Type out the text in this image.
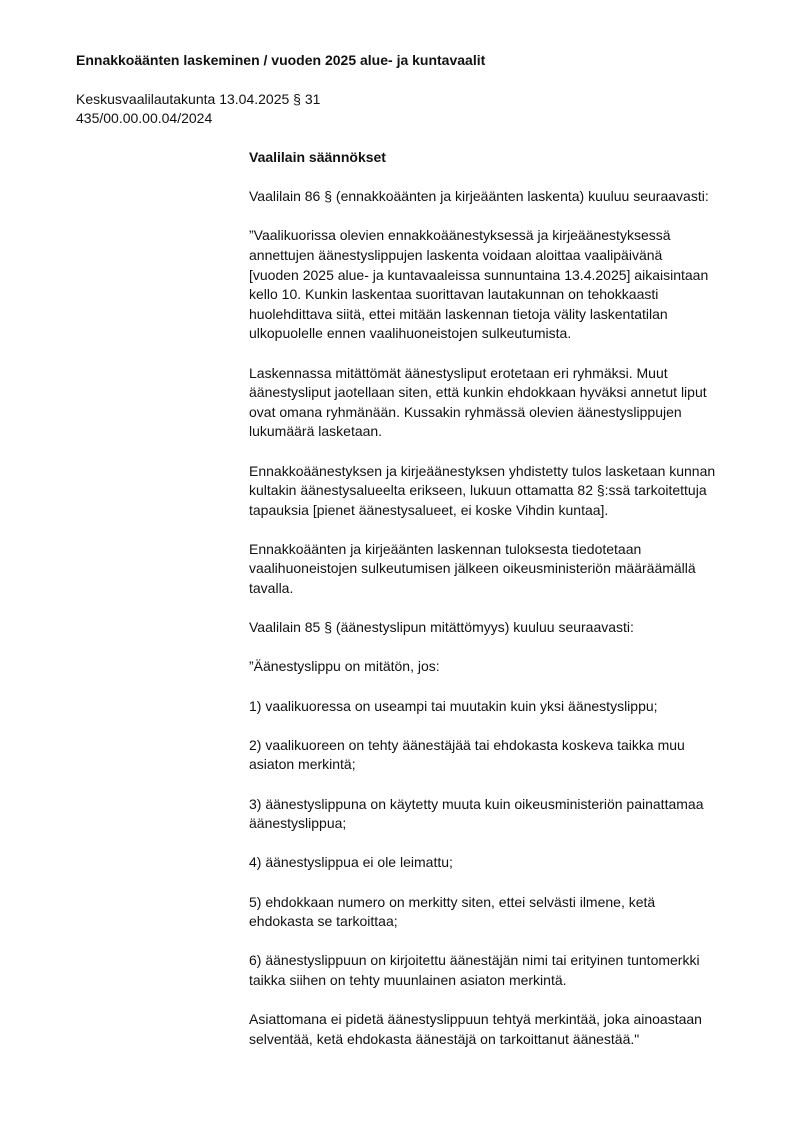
Ennakkoäänten laskeminen / vuoden 2025 alue- ja kuntavaalit
Keskusvaalilautakunta 13.04.2025 § 31
435/00.00.00.04/2024
Vaalilain säännökset
Vaalilain 86 § (ennakkoäänten ja kirjeäänten laskenta) kuuluu seuraavasti:
”Vaalikuorissa olevien ennakkoäänestyksessä ja kirjeäänestyksessä
annettujen äänestyslippujen laskenta voidaan aloittaa vaalipäivänä
[vuoden 2025 alue- ja kuntavaaleissa sunnuntaina 13.4.2025] aikaisintaan
kello 10. Kunkin laskentaa suorittavan lautakunnan on tehokkaasti
huolehdittava siitä, ettei mitään laskennan tietoja välity laskentatilan
ulkopuolelle ennen vaalihuoneistojen sulkeutumista.
Laskennassa mitättömät äänestysliput erotetaan eri ryhmäksi. Muut
äänestysliput jaotellaan siten, että kunkin ehdokkaan hyväksi annetut liput
ovat omana ryhmänään. Kussakin ryhmässä olevien äänestyslippujen
lukumäärä lasketaan.
Ennakkoäänestyksen ja kirjeäänestyksen yhdistetty tulos lasketaan kunnan
kultakin äänestysalueelta erikseen, lukuun ottamatta 82 §:ssä tarkoitettuja
tapauksia [pienet äänestysalueet, ei koske Vihdin kuntaa].
Ennakkoäänten ja kirjeäänten laskennan tuloksesta tiedotetaan
vaalihuoneistojen sulkeutumisen jälkeen oikeusministeriön määräämällä
tavalla.
Vaalilain 85 § (äänestyslipun mitättömyys) kuuluu seuraavasti:
”Äänestyslippu on mitätön, jos:
1) vaalikuoressa on useampi tai muutakin kuin yksi äänestyslippu;
2) vaalikuoreen on tehty äänestäjää tai ehdokasta koskeva taikka muu
asiaton merkintä;
3) äänestyslippuna on käytetty muuta kuin oikeusministeriön painattamaa
äänestyslippua;
4) äänestyslippua ei ole leimattu;
5) ehdokkaan numero on merkitty siten, ettei selvästi ilmene, ketä
ehdokasta se tarkoittaa;
6) äänestyslippuun on kirjoitettu äänestäjän nimi tai erityinen tuntomerkki
taikka siihen on tehty muunlainen asiaton merkintä.
Asiattomana ei pidetä äänestyslippuun tehtyä merkintää, joka ainoastaan
selventää, ketä ehdokasta äänestäjä on tarkoittanut äänestää."
